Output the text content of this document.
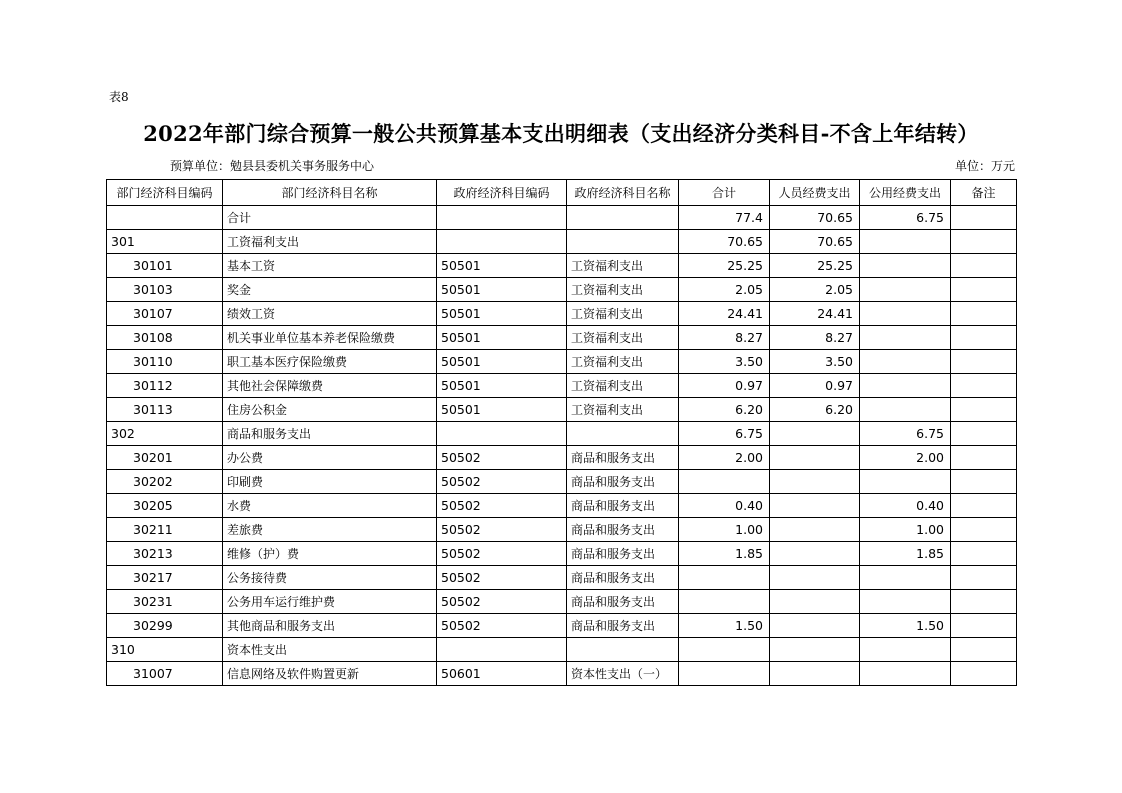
表8
2022年部门综合预算一般公共预算基本支出明细表（支出经济分类科目-不含上年结转）
预算单位：勉县县委机关事务服务中心	单位：万元
部门经济科目编码	部门经济科目名称	政府经济科目编码	政府经济科目名称	合计	人员经费支出	公用经费支出	备注
	合计			77.4	70.65	6.75	
301	工资福利支出			70.65	70.65		
30101	基本工资	50501	工资福利支出	25.25	25.25		
30103	奖金	50501	工资福利支出	2.05	2.05		
30107	绩效工资	50501	工资福利支出	24.41	24.41		
30108	机关事业单位基本养老保险缴费	50501	工资福利支出	8.27	8.27		
30110	职工基本医疗保险缴费	50501	工资福利支出	3.50	3.50		
30112	其他社会保障缴费	50501	工资福利支出	0.97	0.97		
30113	住房公积金	50501	工资福利支出	6.20	6.20		
302	商品和服务支出			6.75		6.75	
30201	办公费	50502	商品和服务支出	2.00		2.00	
30202	印刷费	50502	商品和服务支出				
30205	水费	50502	商品和服务支出	0.40		0.40	
30211	差旅费	50502	商品和服务支出	1.00		1.00	
30213	维修（护）费	50502	商品和服务支出	1.85		1.85	
30217	公务接待费	50502	商品和服务支出				
30231	公务用车运行维护费	50502	商品和服务支出				
30299	其他商品和服务支出	50502	商品和服务支出	1.50		1.50	
310	资本性支出						
31007	信息网络及软件购置更新	50601	资本性支出（一）				
